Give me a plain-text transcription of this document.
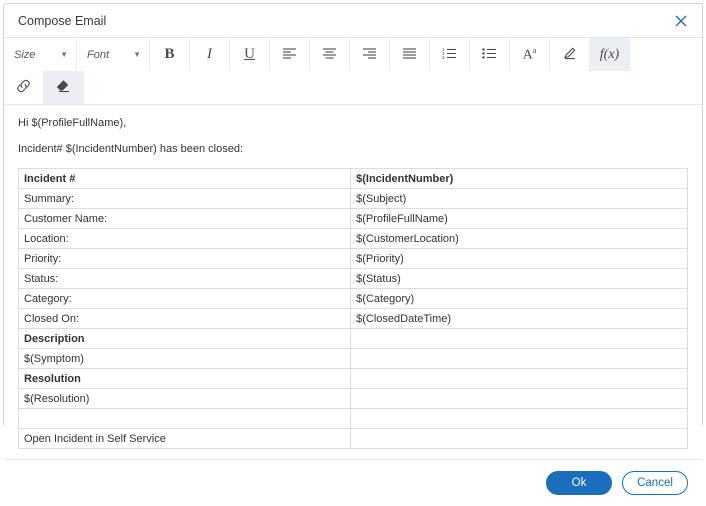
Compose Email
Size	▼ Font	▼ B I U	1
2
3	$A^a$	f(x)

Hi $(ProfileFullName),

Incident# $(IncidentNumber) has been closed:

Incident #	$(IncidentNumber)
Summary:	$(Subject)
Customer Name:	$(ProfileFullName)
Location:	$(CustomerLocation)
Priority:	$(Priority)
Status:	$(Status)
Category:	$(Category)
Closed On:	$(ClosedDateTime)
Description	
$(Symptom)	
Resolution	
$(Resolution)	

Open Incident in Self Service	
Ok	Cancel
